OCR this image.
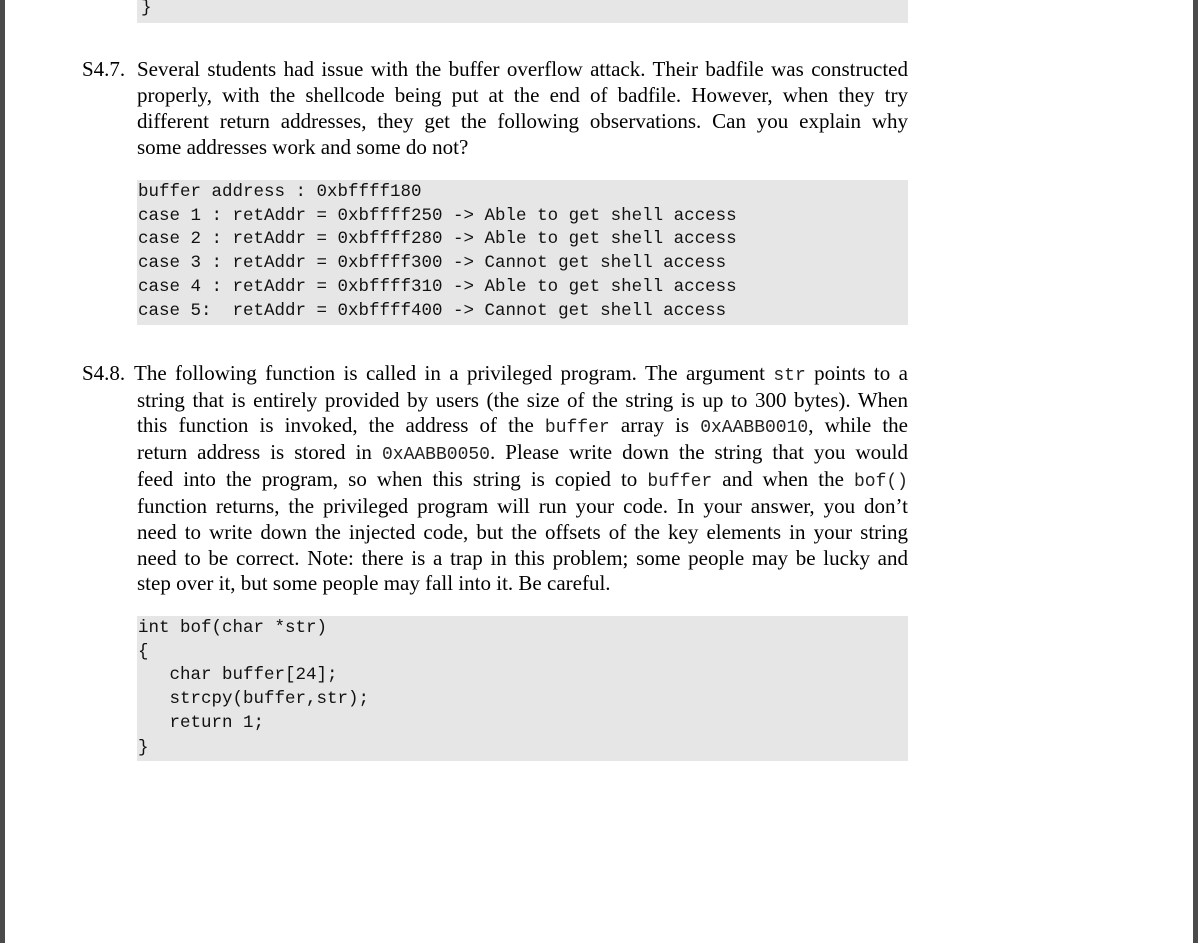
}

S4.7. Several students had issue with the buffer overflow attack. Their badfile was constructed
properly, with the shellcode being put at the end of badfile. However, when they try
different return addresses, they get the following observations. Can you explain why
some addresses work and some do not?

buffer address : 0xbffff180

case 1 : retAddr = 0xbffff250 -> Able to get shell access

case 2 : retAddr = 0xbffff280 -> Able to get shell access

case 3 : retAddr = 0xbffff300 -> Cannot get shell access

case 4 : retAddr = 0xbffff310 -> Able to get shell access

case 5:  retAddr = 0xbffff400 -> Cannot get shell access

S4.8. The following function is called in a privileged program. The argument str points to a
string that is entirely provided by users (the size of the string is up to 300 bytes). When
this function is invoked, the address of the buffer array is 0xAABB0010, while the
return address is stored in 0xAABB0050. Please write down the string that you would
feed into the program, so when this string is copied to buffer and when the bof()
function returns, the privileged program will run your code. In your answer, you don’t
need to write down the injected code, but the offsets of the key elements in your string
need to be correct. Note: there is a trap in this problem; some people may be lucky and
step over it, but some people may fall into it. Be careful.

int bof(char *str)

{

char buffer[24];

strcpy(buffer,str);

return 1;

}
